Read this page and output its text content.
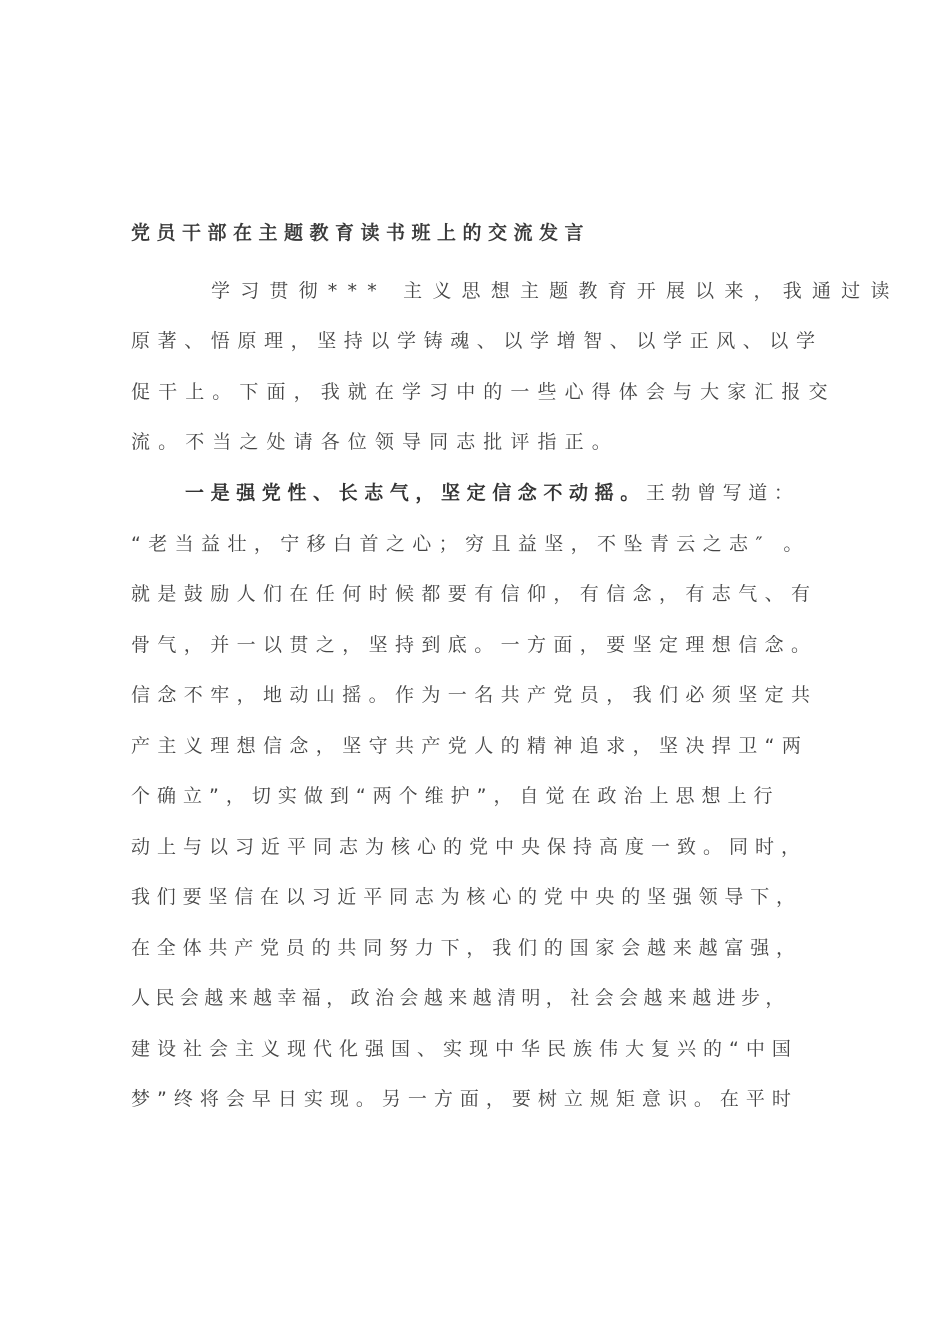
党员干部在主题教育读书班上的交流发言
学习贯彻*** 主义思想主题教育开展以来，我通过读
原著、悟原理，坚持以学铸魂、以学增智、以学正风、以学
促干上。下面，我就在学习中的一些心得体会与大家汇报交
流。不当之处请各位领导同志批评指正。
一是强党性、长志气，坚定信念不动摇。王勃曾写道：
“老当益壮，宁移白首之心；穷且益坚，不坠青云之志″ 。
就是鼓励人们在任何时候都要有信仰，有信念，有志气、有
骨气，并一以贯之，坚持到底。一方面，要坚定理想信念。
信念不牢，地动山摇。作为一名共产党员，我们必须坚定共
产主义理想信念，坚守共产党人的精神追求，坚决捍卫“两
个确立”，切实做到“两个维护”，自觉在政治上思想上行
动上与以习近平同志为核心的党中央保持高度一致。同时，
我们要坚信在以习近平同志为核心的党中央的坚强领导下，
在全体共产党员的共同努力下，我们的国家会越来越富强，
人民会越来越幸福，政治会越来越清明，社会会越来越进步，
建设社会主义现代化强国、实现中华民族伟大复兴的“中国
梦”终将会早日实现。另一方面，要树立规矩意识。在平时
